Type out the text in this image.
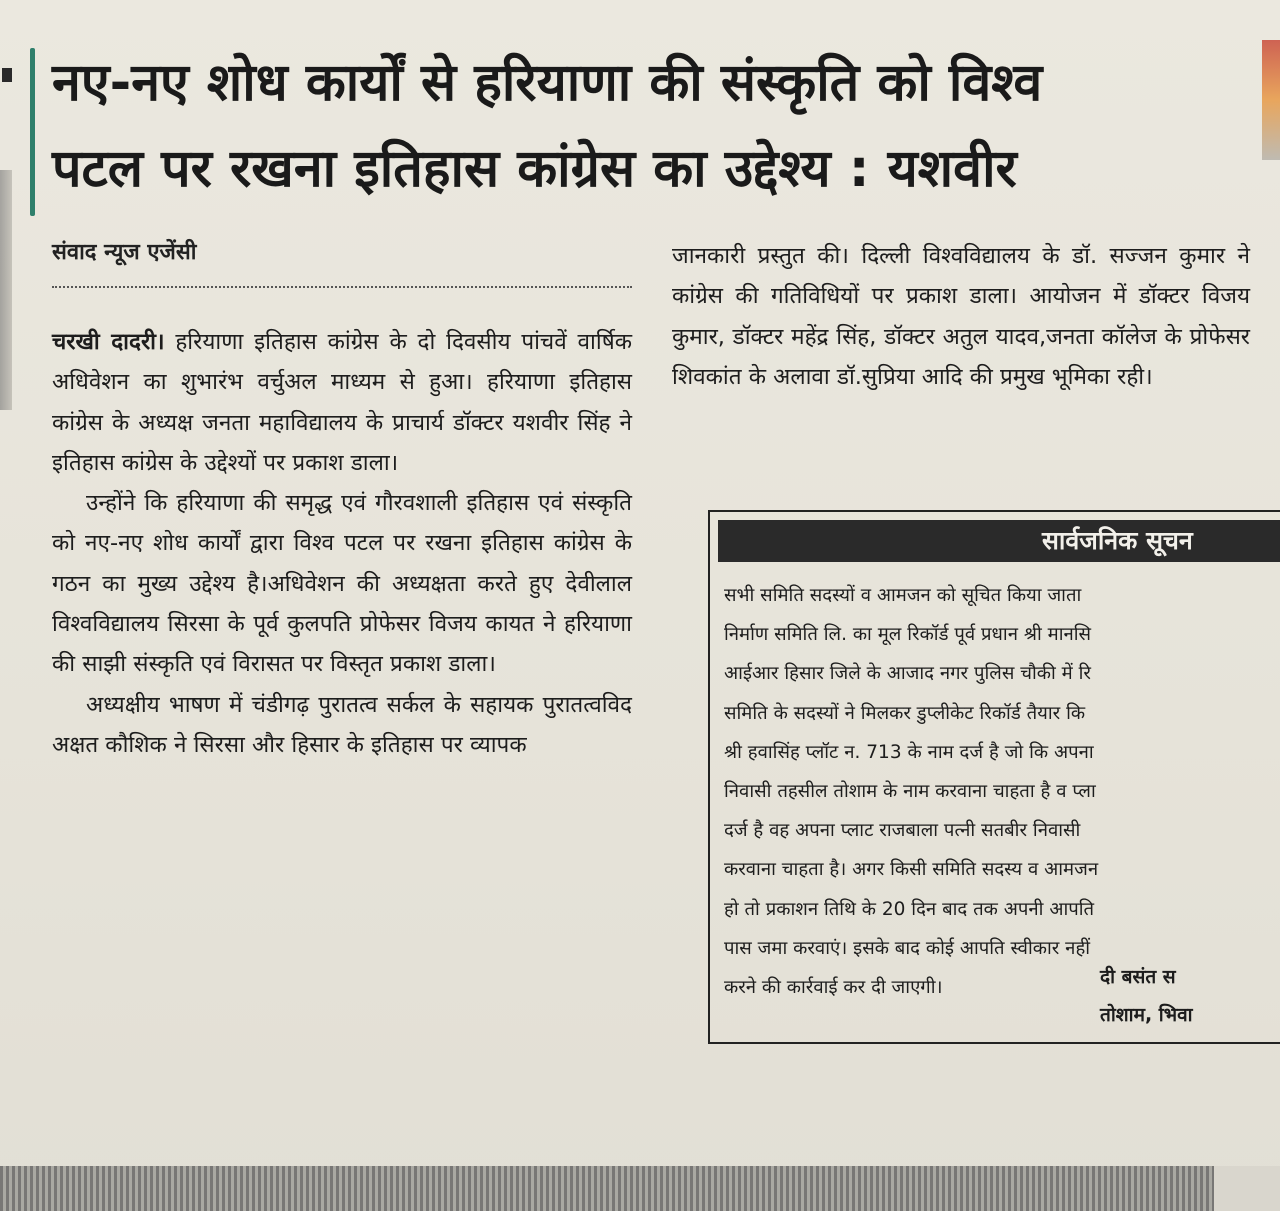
नए-नए शोध कार्यों से हरियाणा की संस्कृति को विश्व
पटल पर रखना इतिहास कांग्रेस का उद्देश्य : यशवीर
संवाद न्यूज एजेंसी

चरखी दादरी। हरियाणा इतिहास कांग्रेस के दो दिवसीय पांचवें वार्षिक अधिवेशन का शुभारंभ वर्चुअल माध्यम से हुआ। हरियाणा इतिहास कांग्रेस के अध्यक्ष जनता महाविद्यालय के प्राचार्य डॉक्टर यशवीर सिंह ने इतिहास कांग्रेस के उद्देश्यों पर प्रकाश डाला।

उन्होंने कि हरियाणा की समृद्ध एवं गौरवशाली इतिहास एवं संस्कृति को नए-नए शोध कार्यों द्वारा विश्व पटल पर रखना इतिहास कांग्रेस के गठन का मुख्य उद्देश्य है।अधिवेशन की अध्यक्षता करते हुए देवीलाल विश्वविद्यालय सिरसा के पूर्व कुलपति प्रोफेसर विजय कायत ने हरियाणा की साझी संस्कृति एवं विरासत पर विस्तृत प्रकाश डाला।

अध्यक्षीय भाषण में चंडीगढ़ पुरातत्व सर्कल के सहायक पुरातत्वविद अक्षत कौशिक ने सिरसा और हिसार के इतिहास पर व्यापक

जानकारी प्रस्तुत की। दिल्ली विश्वविद्यालय के डॉ. सज्जन कुमार ने कांग्रेस की गतिविधियों पर प्रकाश डाला। आयोजन में डॉक्टर विजय कुमार, डॉक्टर महेंद्र सिंह, डॉक्टर अतुल यादव,जनता कॉलेज के प्रोफेसर शिवकांत के अलावा डॉ.सुप्रिया आदि की प्रमुख भूमिका रही।

सार्वजनिक सूचन
सभी समिति सदस्यों व आमजन को सूचित किया जाता
निर्माण समिति लि. का मूल रिकॉर्ड पूर्व प्रधान श्री मानसि
आईआर हिसार जिले के आजाद नगर पुलिस चौकी में रि
समिति के सदस्यों ने मिलकर डुप्लीकेट रिकॉर्ड तैयार कि
श्री हवासिंह प्लॉट न. 713 के नाम दर्ज है जो कि अपना
निवासी तहसील तोशाम के नाम करवाना चाहता है व प्ला
दर्ज है वह अपना प्लाट राजबाला पत्नी सतबीर निवासी
करवाना चाहता है। अगर किसी समिति सदस्य व आमजन
हो तो प्रकाशन तिथि के 20 दिन बाद तक अपनी आपति
पास जमा करवाएं। इसके बाद कोई आपति स्वीकार नहीं
करने की कार्रवाई कर दी जाएगी।	दी बसंत स
तोशाम, भिवा
